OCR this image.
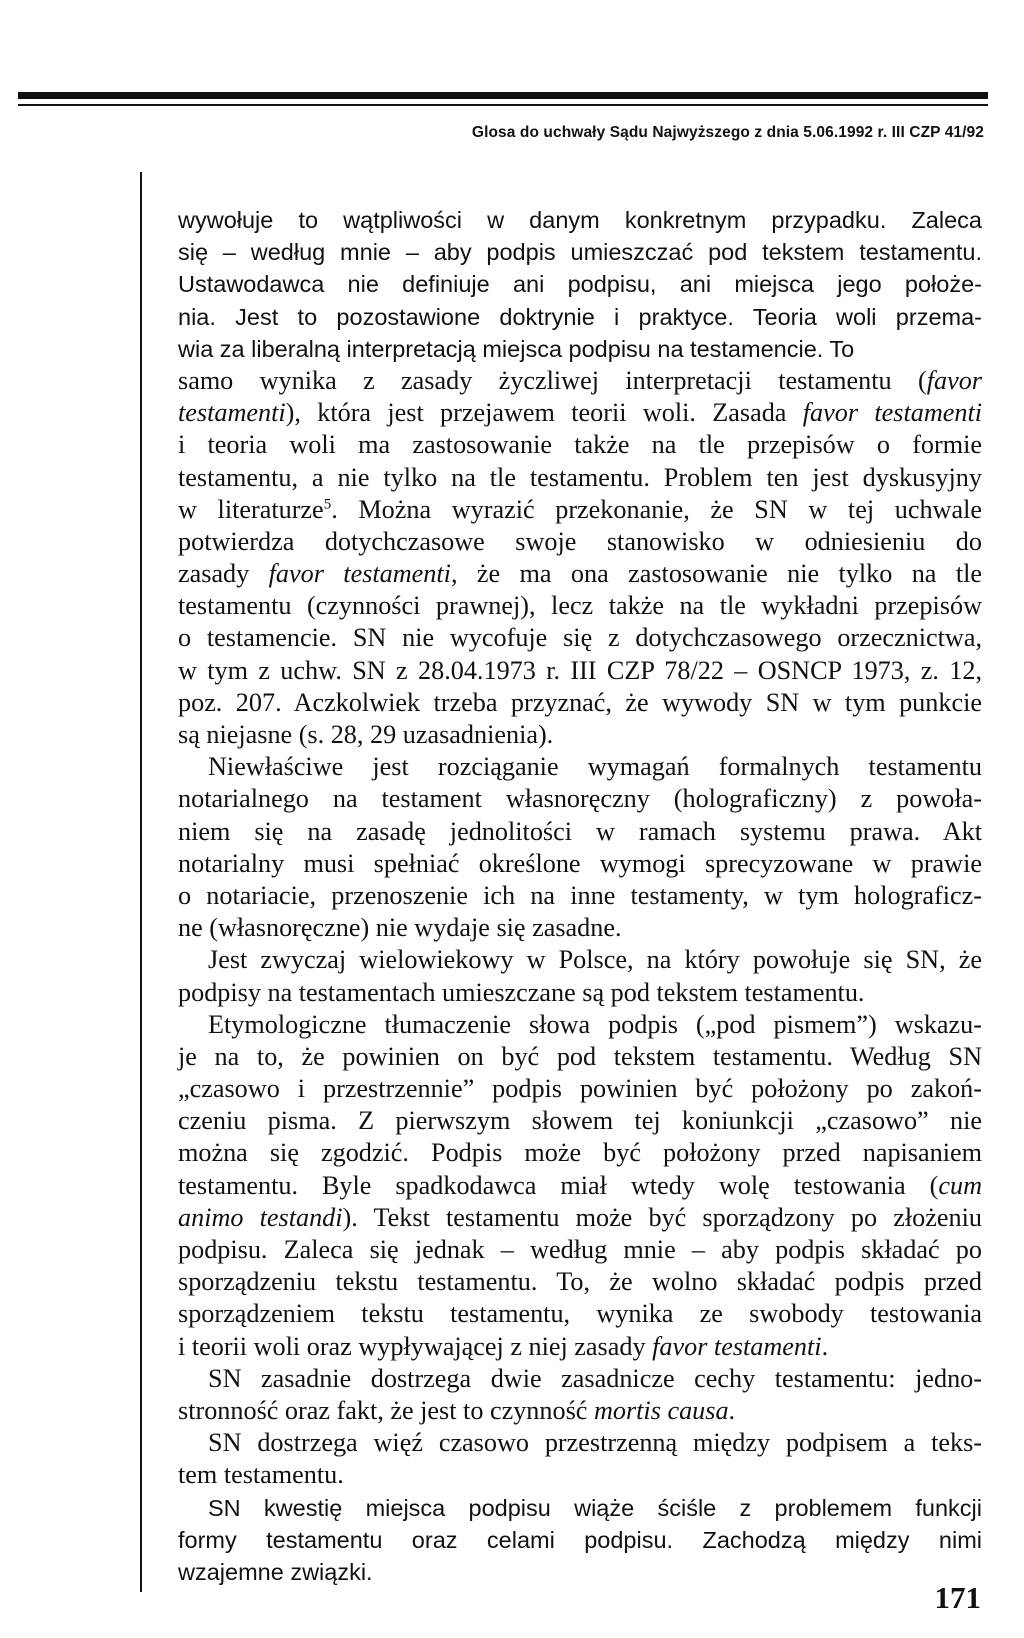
Glosa do uchwały Sądu Najwyższego z dnia 5.06.1992 r. III CZP 41/92
wywołuje to wątpliwości w danym konkretnym przypadku. Zaleca
się – według mnie – aby podpis umieszczać pod tekstem testamentu.
Ustawodawca nie definiuje ani podpisu, ani miejsca jego położe-
nia. Jest to pozostawione doktrynie i praktyce. Teoria woli przema-
wia za liberalną interpretacją miejsca podpisu na testamencie. To
samo wynika z zasady życzliwej interpretacji testamentu (favor
testamenti), która jest przejawem teorii woli. Zasada favor testamenti
i teoria woli ma zastosowanie także na tle przepisów o formie
testamentu, a nie tylko na tle testamentu. Problem ten jest dyskusyjny
w literaturze$^5$. Można wyrazić przekonanie, że SN w tej uchwale
potwierdza dotychczasowe swoje stanowisko w odniesieniu do
zasady favor testamenti, że ma ona zastosowanie nie tylko na tle
testamentu (czynności prawnej), lecz także na tle wykładni przepisów
o testamencie. SN nie wycofuje się z dotychczasowego orzecznictwa,
w tym z uchw. SN z 28.04.1973 r. III CZP 78/22 – OSNCP 1973, z. 12,
poz. 207. Aczkolwiek trzeba przyznać, że wywody SN w tym punkcie
są niejasne (s. 28, 29 uzasadnienia).
Niewłaściwe jest rozciąganie wymagań formalnych testamentu
notarialnego na testament własnoręczny (holograficzny) z powoła-
niem się na zasadę jednolitości w ramach systemu prawa. Akt
notarialny musi spełniać określone wymogi sprecyzowane w prawie
o notariacie, przenoszenie ich na inne testamenty, w tym holograficz-
ne (własnoręczne) nie wydaje się zasadne.
Jest zwyczaj wielowiekowy w Polsce, na który powołuje się SN, że
podpisy na testamentach umieszczane są pod tekstem testamentu.
Etymologiczne tłumaczenie słowa podpis („pod pismem”) wskazu-
je na to, że powinien on być pod tekstem testamentu. Według SN
„czasowo i przestrzennie” podpis powinien być położony po zakoń-
czeniu pisma. Z pierwszym słowem tej koniunkcji „czasowo” nie
można się zgodzić. Podpis może być położony przed napisaniem
testamentu. Byle spadkodawca miał wtedy wolę testowania (cum
animo testandi). Tekst testamentu może być sporządzony po złożeniu
podpisu. Zaleca się jednak – według mnie – aby podpis składać po
sporządzeniu tekstu testamentu. To, że wolno składać podpis przed
sporządzeniem tekstu testamentu, wynika ze swobody testowania
i teorii woli oraz wypływającej z niej zasady favor testamenti.
SN zasadnie dostrzega dwie zasadnicze cechy testamentu: jedno-
stronność oraz fakt, że jest to czynność mortis causa.
SN dostrzega więź czasowo przestrzenną między podpisem a teks-
tem testamentu.
SN kwestię miejsca podpisu wiąże ściśle z problemem funkcji
formy testamentu oraz celami podpisu. Zachodzą między nimi
wzajemne związki.
171
